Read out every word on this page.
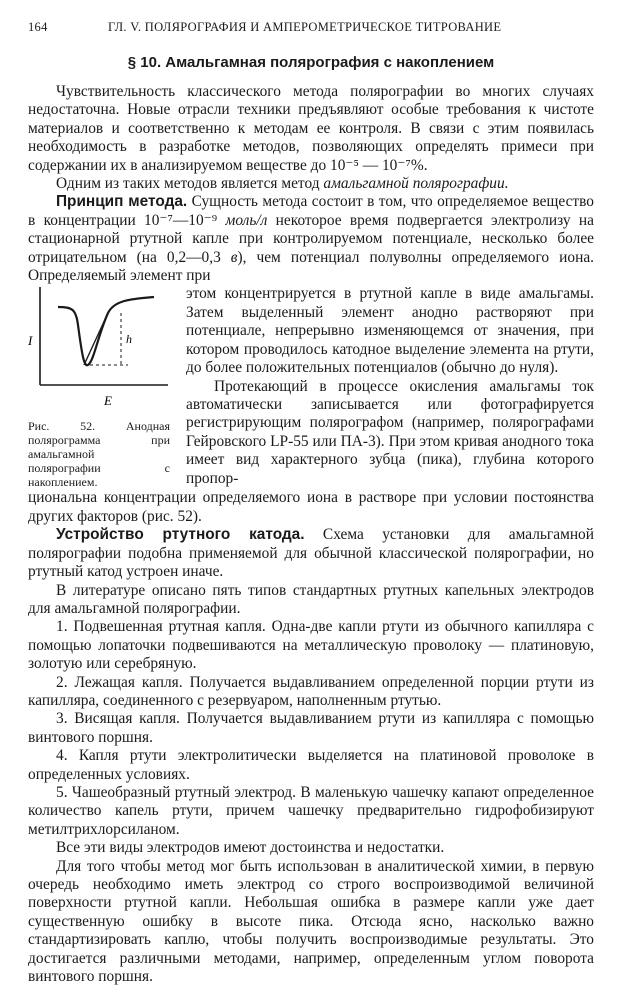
164	ГЛ. V. ПОЛЯРОГРАФИЯ И АМПЕРОМЕТРИЧЕСКОЕ ТИТРОВАНИЕ
§ 10. Амальгамная полярография с накоплением

Чувствительность классического метода полярографии во многих случаях недостаточна. Новые отрасли техники предъявляют особые требования к чистоте материалов и соответственно к методам ее контроля. В связи с этим появилась необходимость в разработке методов, позволяющих определять примеси при содержании их в анализируемом веществе до 10⁻⁵ — 10⁻⁷%.

Одним из таких методов является метод амальгамной полярографии.

Принцип метода. Сущность метода состоит в том, что определяемое вещество в концентрации 10⁻⁷—10⁻⁹ моль/л некоторое время подвергается электролизу на стационарной ртутной капле при контролируемом потенциале, несколько более отрицательном (на 0,2—0,3 в), чем потенциал полуволны определяемого иона. Определяемый элемент при

I	h
E
Рис. 52. Анодная полярограмма при амальгамной полярографии с накоплением.

этом концентрируется в ртутной капле в виде амальгамы. Затем выделенный элемент анодно растворяют при потенциале, непрерывно изменяющемся от значения, при котором проводилось катодное выделение элемента на ртути, до более положительных потенциалов (обычно до нуля).

Протекающий в процессе окисления амальгамы ток автоматически записывается или фотографируется регистрирующим полярографом (например, полярографами Гейровского LP-55 или ПА-3). При этом кривая анодного тока имеет вид характерного зубца (пика), глубина которого пропор-

циональна концентрации определяемого иона в растворе при условии постоянства других факторов (рис. 52).

Устройство ртутного катода. Схема установки для амальгамной полярографии подобна применяемой для обычной классической полярографии, но ртутный катод устроен иначе.

В литературе описано пять типов стандартных ртутных капельных электродов для амальгамной полярографии.

1. Подвешенная ртутная капля. Одна-две капли ртути из обычного капилляра с помощью лопаточки подвешиваются на металлическую проволоку — платиновую, золотую или серебряную.

2. Лежащая капля. Получается выдавливанием определенной порции ртути из капилляра, соединенного с резервуаром, наполненным ртутью.

3. Висящая капля. Получается выдавливанием ртути из капилляра с помощью винтового поршня.

4. Капля ртути электролитически выделяется на платиновой проволоке в определенных условиях.

5. Чашеобразный ртутный электрод. В маленькую чашечку капают определенное количество капель ртути, причем чашечку предварительно гидрофобизируют метилтрихлорсиланом.

Все эти виды электродов имеют достоинства и недостатки.

Для того чтобы метод мог быть использован в аналитической химии, в первую очередь необходимо иметь электрод со строго воспроизводимой величиной поверхности ртутной капли. Небольшая ошибка в размере капли уже дает существенную ошибку в высоте пика. Отсюда ясно, насколько важно стандартизировать каплю, чтобы получить воспроизводимые результаты. Это достигается различными методами, например, определенным углом поворота винтового поршня.
